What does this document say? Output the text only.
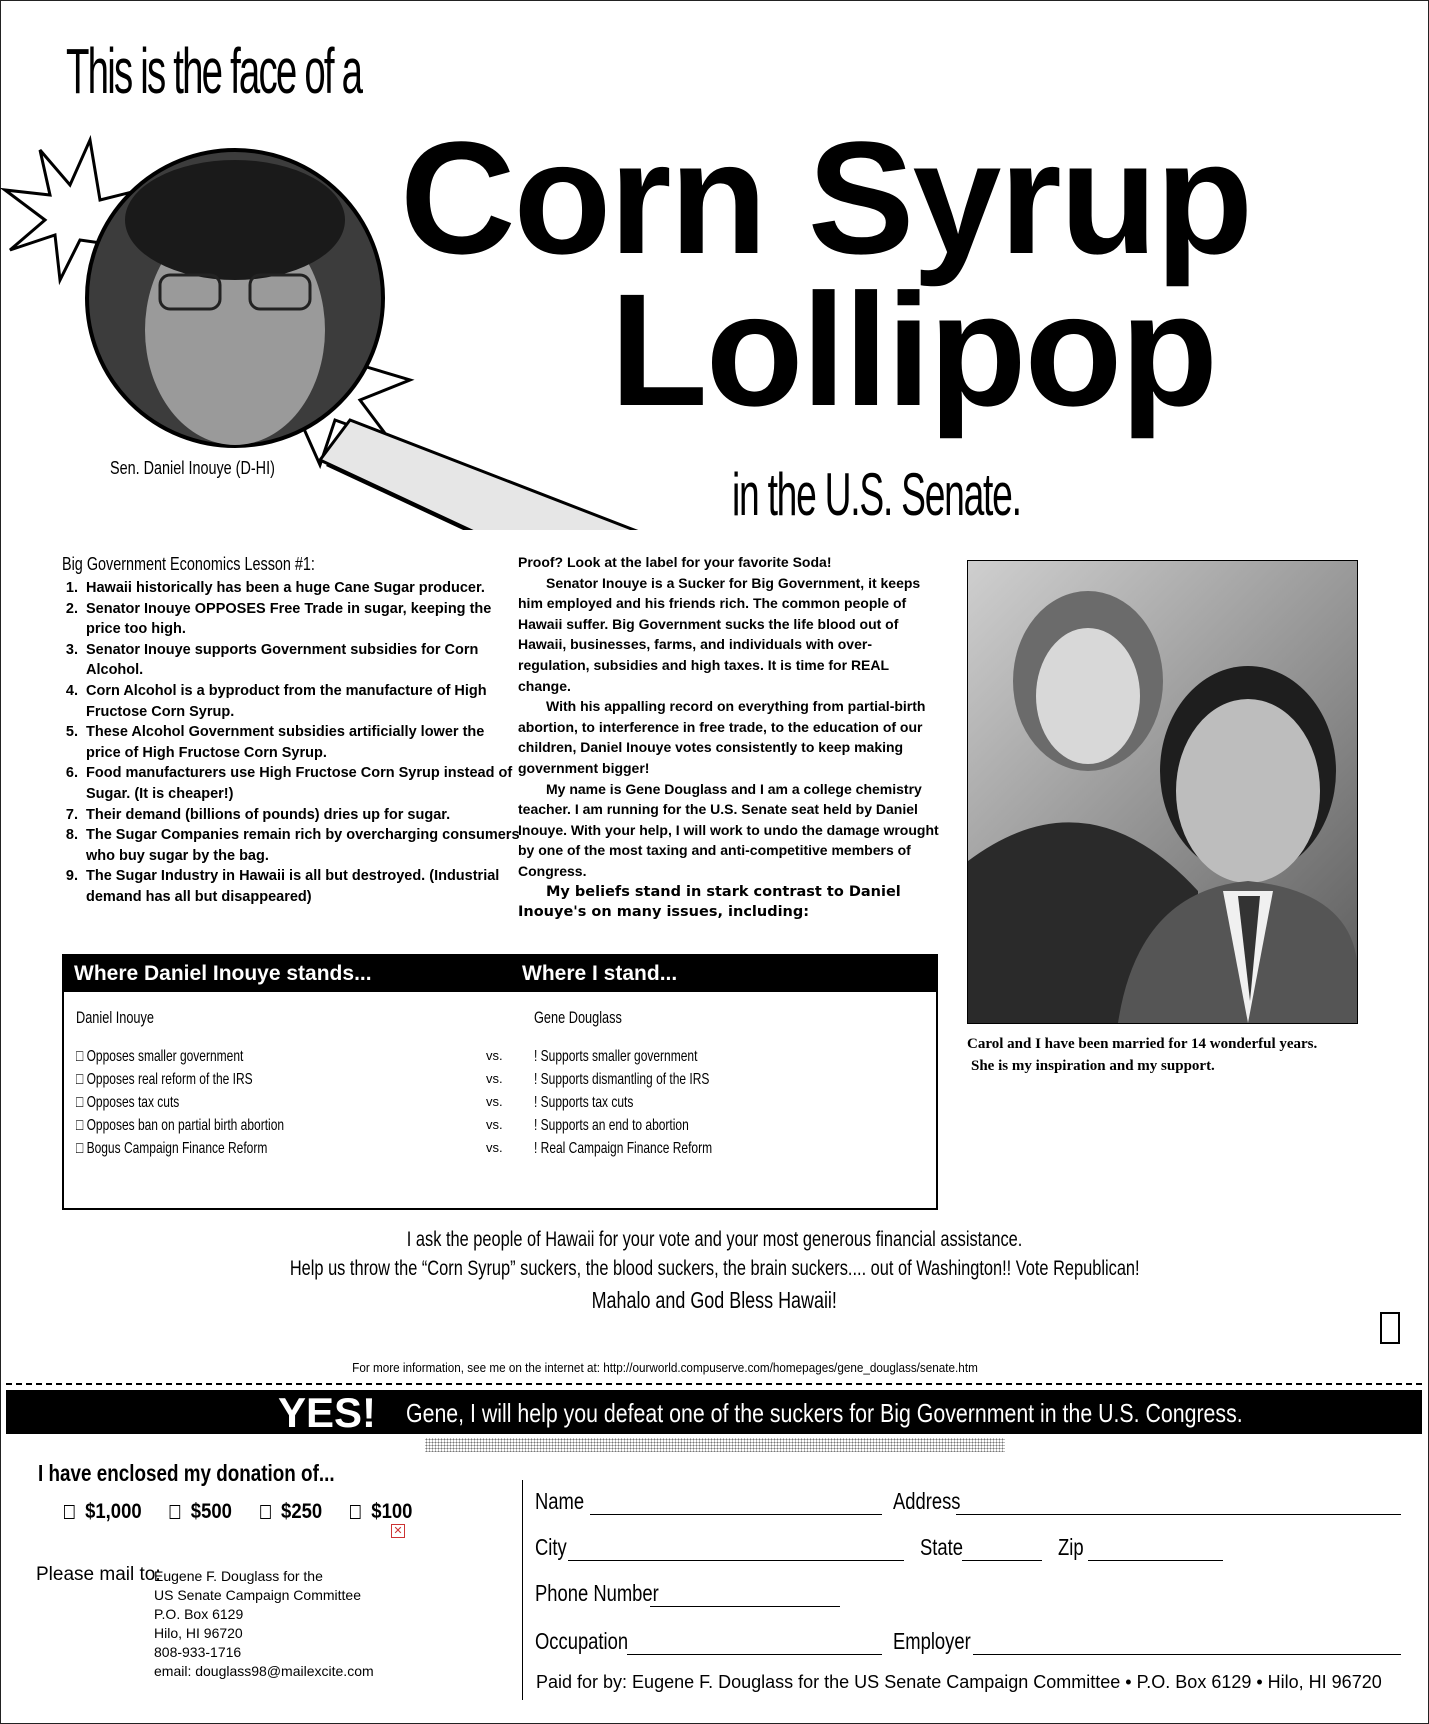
This is the face of a
Corn Syrup
Lollipop
in the U.S. Senate.
Sen. Daniel Inouye (D-HI)
Big Government Economics Lesson #1:
1. Hawaii historically has been a huge Cane Sugar producer.
2. Senator Inouye OPPOSES Free Trade in sugar, keeping the price too high.
3. Senator Inouye supports Government subsidies for Corn Alcohol.
4. Corn Alcohol is a byproduct from the manufacture of High Fructose Corn Syrup.
5. These Alcohol Government subsidies artificially lower the price of High Fructose Corn Syrup.
6. Food manufacturers use High Fructose Corn Syrup instead of Sugar. (It is cheaper!)
7. Their demand (billions of pounds) dries up for sugar.
8. The Sugar Companies remain rich by overcharging consumers who buy sugar by the bag.
9. The Sugar Industry in Hawaii is all but destroyed. (Industrial demand has all but disappeared)

Proof? Look at the label for your favorite Soda!

Senator Inouye is a Sucker for Big Government, it keeps him employed and his friends rich. The common people of Hawaii suffer. Big Government sucks the life blood out of Hawaii, businesses, farms, and individuals with over-regulation, subsidies and high taxes. It is time for REAL change.

With his appalling record on everything from partial-birth abortion, to interference in free trade, to the education of our children, Daniel Inouye votes consistently to keep making government bigger!

My name is Gene Douglass and I am a college chemistry teacher. I am running for the U.S. Senate seat held by Daniel Inouye. With your help, I will work to undo the damage wrought by one of the most taxing and anti-competitive members of Congress.

My beliefs stand in stark contrast to Daniel Inouye's on many issues, including:

Carol and I have been married for 14 wonderful years.
She is my inspiration and my support.
Where Daniel Inouye stands...	Where I stand...
Daniel Inouye	Gene Douglass
□ Opposes smaller government	vs. ! Supports smaller government
□ Opposes real reform of the IRS	vs. ! Supports dismantling of the IRS
□ Opposes tax cuts	vs. ! Supports tax cuts
□ Opposes ban on partial birth abortion	vs. ! Supports an end to abortion
□ Bogus Campaign Finance Reform	vs. ! Real Campaign Finance Reform
I ask the people of Hawaii for your vote and your most generous financial assistance.
Help us throw the “Corn Syrup” suckers, the blood suckers, the brain suckers.... out of Washington!! Vote Republican!
Mahalo and God Bless Hawaii!
For more information, see me on the internet at: http://ourworld.compuserve.com/homepages/gene_douglass/senate.htm
YES! Gene, I will help you defeat one of the suckers for Big Government in the U.S. Congress.
I have enclosed my donation of...
$1,000 $500 $250 $100
✕
Please mail to:
Eugene F. Douglass for the
US Senate Campaign Committee
P.O. Box 6129
Hilo, HI 96720
808-933-1716
email: douglass98@mailexcite.com
Name	Address
City	State	Zip
Phone Number
Occupation	Employer
Paid for by: Eugene F. Douglass for the US Senate Campaign Committee • P.O. Box 6129 • Hilo, HI 96720
